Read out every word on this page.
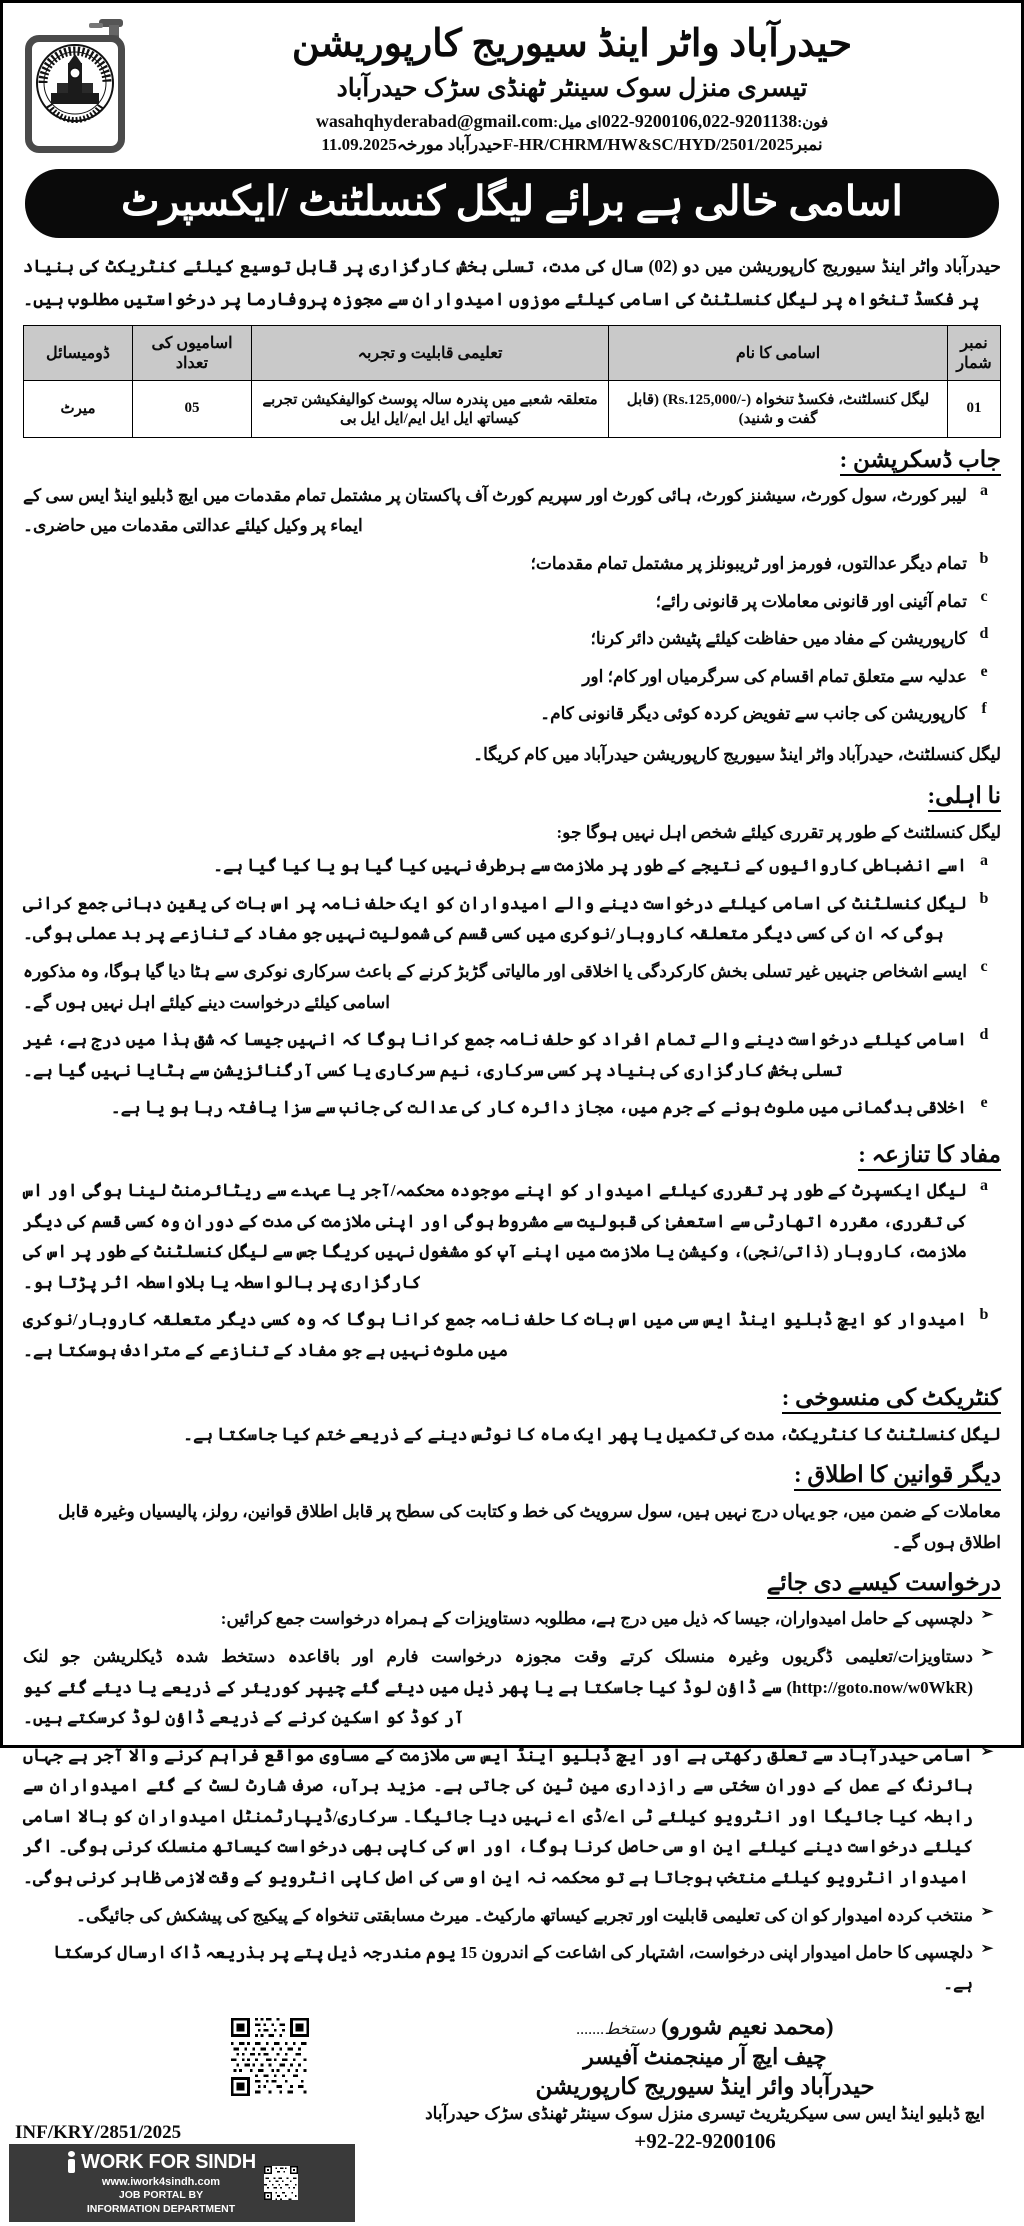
حیدرآباد واٹر اینڈ سیوریج کارپوریشن
تیسری منزل سوک سینٹر ٹھنڈی سڑک حیدرآباد
فون:022-9200106,022-9201138ای میل:wasahqhyderabad@gmail.com
نمبرF-HR/CHRM/HW&SC/HYD/2501/2025حیدرآباد مورخہ11.09.2025
اسامی خالی ہے برائے لیگل کنسلٹنٹ /ایکسپرٹ
حیدرآباد واٹر اینڈ سیوریج کارپوریشن میں دو (02) سال کی مدت، تسلی بخش کارگزاری پر قابل توسیع کیلئے کنٹریکٹ کی بنیاد پر فکسڈ تنخواہ پر لیگل کنسلٹنٹ کی اسامی کیلئے موزوں امیدواران سے مجوزہ پروفارما پر درخواستیں مطلوب ہیں۔
نمبر شمار	اسامی کا نام	تعلیمی قابلیت و تجربہ	اسامیوں کی تعداد	ڈومیسائل
01	لیگل کنسلٹنٹ، فکسڈ تنخواہ (-/Rs.125,000) (قابل گفت و شنید)	متعلقہ شعبے میں پندرہ سالہ پوسٹ کوالیفکیشن تجربے کیساتھ ایل ایل ایم/ایل ایل بی	05	میرٹ
جاب ڈسکرپشن :
a
لیبر کورٹ، سول کورٹ، سیشنز کورٹ، ہائی کورٹ اور سپریم کورٹ آف پاکستان پر مشتمل تمام مقدمات میں ایچ ڈبلیو اینڈ ایس سی کے ایماء پر وکیل کیلئے عدالتی مقدمات میں حاضری۔
b
تمام دیگر عدالتوں، فورمز اور ٹریبونلز پر مشتمل تمام مقدمات؛
c
تمام آئینی اور قانونی معاملات پر قانونی رائے؛
d
کارپوریشن کے مفاد میں حفاظت کیلئے پٹیشن دائر کرنا؛
e
عدلیہ سے متعلق تمام اقسام کی سرگرمیاں اور کام؛ اور
f
کارپوریشن کی جانب سے تفویض کردہ کوئی دیگر قانونی کام۔
لیگل کنسلٹنٹ، حیدرآباد واٹر اینڈ سیوریج کارپوریشن حیدرآباد میں کام کریگا۔
نا اہلی:
لیگل کنسلٹنٹ کے طور پر تقرری کیلئے شخص اہل نہیں ہوگا جو:
a
اسے انضباطی کاروائیوں کے نتیجے کے طور پر ملازمت سے برطرف نہیں کیا گیا ہو یا کیا گیا ہے۔
b
لیگل کنسلٹنٹ کی اسامی کیلئے درخواست دینے والے امیدواران کو ایک حلف نامہ پر اس بات کی یقین دہانی جمع کرانی ہوگی کہ ان کی کسی دیگر متعلقہ کاروبار/نوکری میں کسی قسم کی شمولیت نہیں جو مفاد کے تنازعے پر بد عملی ہوگی۔
c
ایسے اشخاص جنہیں غیر تسلی بخش کارکردگی یا اخلاقی اور مالیاتی گڑبڑ کرنے کے باعث سرکاری نوکری سے ہٹا دیا گیا ہوگا، وہ مذکورہ اسامی کیلئے درخواست دینے کیلئے اہل نہیں ہوں گے۔
d
اسامی کیلئے درخواست دینے والے تمام افراد کو حلف نامہ جمع کرانا ہوگا کہ انہیں جیسا کہ شق ہذا میں درج ہے، غیر تسلی بخش کارگزاری کی بنیاد پر کسی سرکاری، نیم سرکاری یا کسی آرگنائزیشن سے ہٹایا نہیں گیا ہے۔
e
اخلاقی بدگمانی میں ملوث ہونے کے جرم میں، مجاز دائرہ کار کی عدالت کی جانب سے سزا یافتہ رہا ہو یا ہے۔
مفاد کا تنازعہ :
a
لیگل ایکسپرٹ کے طور پر تقرری کیلئے امیدوار کو اپنے موجودہ محکمہ/آجر یا عہدے سے ریٹائرمنٹ لینا ہوگی اور اس کی تقرری، مقررہ اتھارٹی سے استعفیٰ کی قبولیت سے مشروط ہوگی اور اپنی ملازمت کی مدت کے دوران وہ کسی قسم کی دیگر ملازمت، کاروبار (ذاتی/نجی)، وکیشن یا ملازمت میں اپنے آپ کو مشغول نہیں کریگا جس سے لیگل کنسلٹنٹ کے طور پر اس کی کارگزاری پر بالواسطہ یا بلاواسطہ اثر پڑتا ہو۔
b
امیدوار کو ایچ ڈبلیو اینڈ ایس سی میں اس بات کا حلف نامہ جمع کرانا ہوگا کہ وہ کسی دیگر متعلقہ کاروبار/نوکری میں ملوث نہیں ہے جو مفاد کے تنازعے کے مترادف ہوسکتا ہے۔
کنٹریکٹ کی منسوخی :
لیگل کنسلٹنٹ کا کنٹریکٹ، مدت کی تکمیل یا پھر ایک ماہ کا نوٹس دینے کے ذریعے ختم کیا جاسکتا ہے۔
دیگر قوانین کا اطلاق :
معاملات کے ضمن میں، جو یہاں درج نہیں ہیں، سول سرویٹ کی خط و کتابت کی سطح پر قابل اطلاق قوانین، رولز، پالیسیاں وغیرہ قابل اطلاق ہوں گے۔
درخواست کیسے دی جائے
➢
دلچسپی کے حامل امیدواران، جیسا کہ ذیل میں درج ہے، مطلوبہ دستاویزات کے ہمراہ درخواست جمع کرائیں:
➢
دستاویزات/تعلیمی ڈگریوں وغیرہ منسلک کرتے وقت مجوزہ درخواست فارم اور باقاعدہ دستخط شدہ ڈیکلریشن جو لنک (http://goto.now/w0WkR) سے ڈاؤن لوڈ کیا جاسکتا ہے یا پھر ذیل میں دیئے گئے چیپر کوریئر کے ذریعے یا دیئے گئے کیو آر کوڈ کو اسکین کرنے کے ذریعے ڈاؤن لوڈ کرسکتے ہیں۔
➢
اسامی حیدرآباد سے تعلق رکھتی ہے اور ایچ ڈبلیو اینڈ ایس سی ملازمت کے مساوی مواقع فراہم کرنے والا آجر ہے جہاں ہائرنگ کے عمل کے دوران سختی سے رازداری مین ٹین کی جاتی ہے۔ مزید برآں، صرف شارٹ لسٹ کے گئے امیدواران سے رابطہ کیا جائیگا اور انٹرویو کیلئے ٹی اے/ڈی اے نہیں دیا جائیگا۔ سرکاری/ڈیپارٹمنٹل امیدواران کو بالا اسامی کیلئے درخواست دینے کیلئے این او سی حاصل کرنا ہوگا، اور اس کی کاپی بھی درخواست کیساتھ منسلک کرنی ہوگی۔ اگر امیدوار انٹرویو کیلئے منتخب ہوجاتا ہے تو محکمہ نہ این او سی کی اصل کاپی انٹرویو کے وقت لازمی ظاہر کرنی ہوگی۔
➢
منتخب کردہ امیدوار کو ان کی تعلیمی قابلیت اور تجربے کیساتھ مارکیٹ۔ میرٹ مسابقتی تنخواہ کے پیکیج کی پیشکش کی جائیگی۔
➢
دلچسپی کا حامل امیدوار اپنی درخواست، اشتہار کی اشاعت کے اندرون 15 یوم مندرجہ ذیل پتے پر بذریعہ ڈاک ارسال کرسکتا ہے۔
(محمد نعیم شورو) دستخط.......
چیف ایچ آر مینجمنٹ آفیسر
حیدرآباد وائر اینڈ سیوریج کارپوریشن
ایچ ڈبلیو اینڈ ایس سی سیکریٹریٹ تیسری منزل سوک سینٹر ٹھنڈی سڑک حیدرآباد
+92-22-9200106
INF/KRY/2851/2025
WORK FOR SINDH
www.iwork4sindh.com
JOB PORTAL BY
INFORMATION DEPARTMENT
